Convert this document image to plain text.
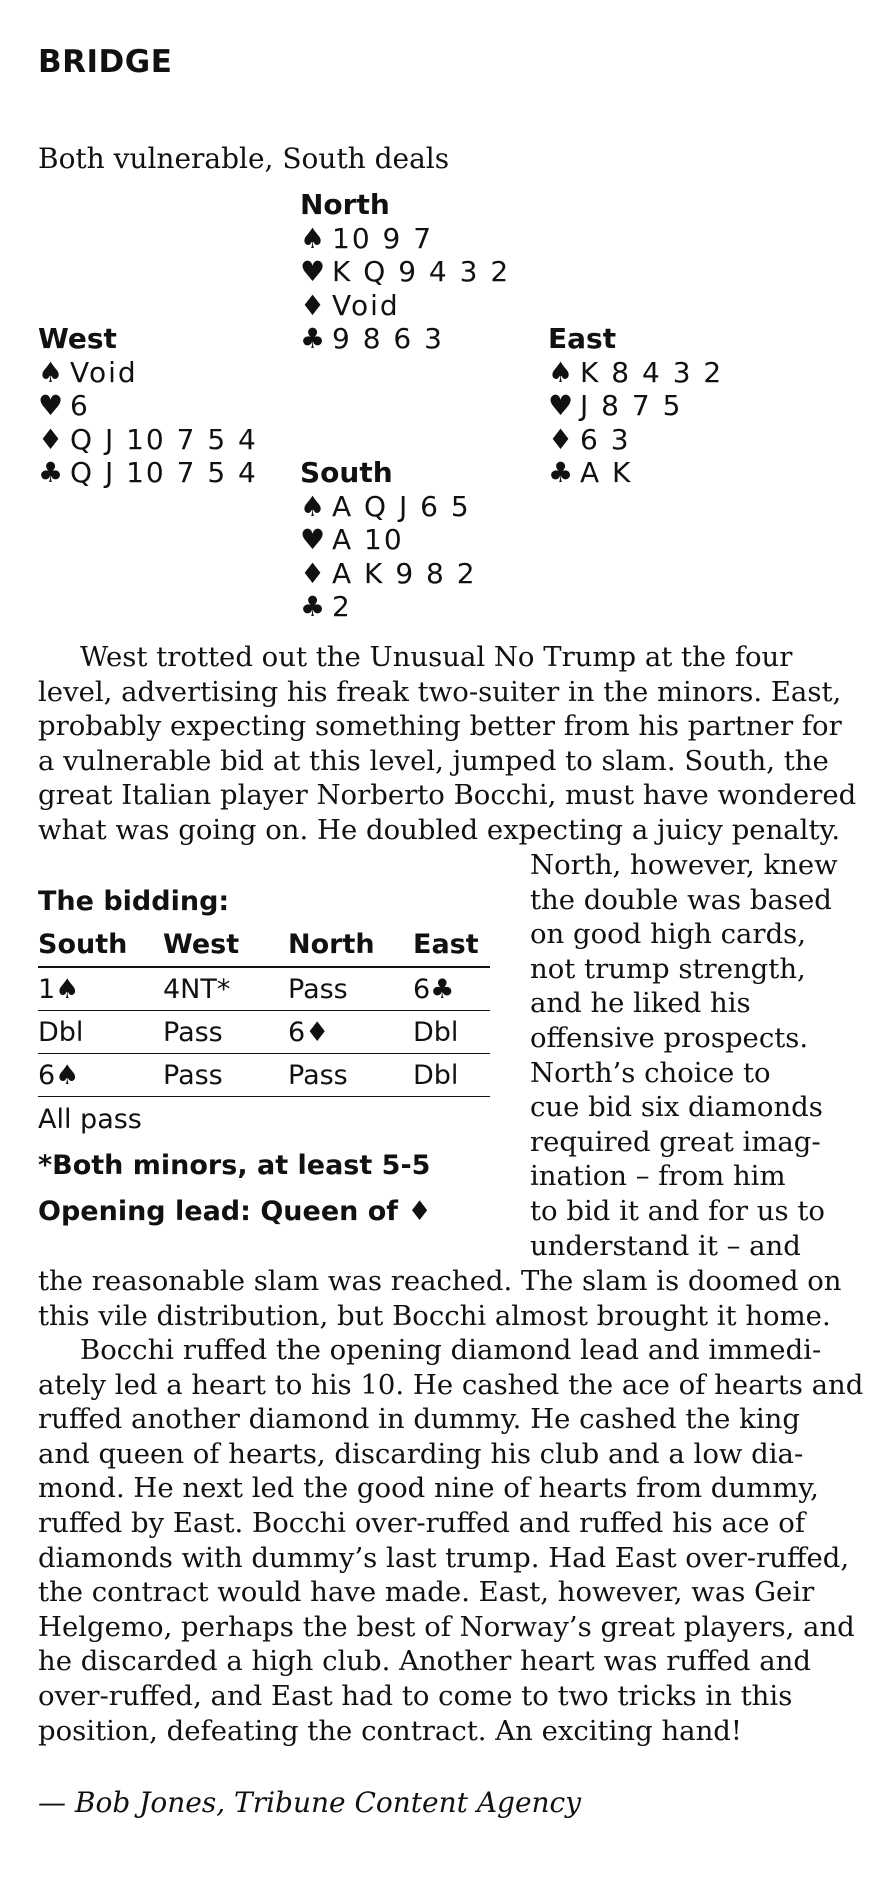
BRIDGE
Both vulnerable, South deals
North
♠ 10 9 7
♥ K Q 9 4 3 2
♦ Void
♣ 9 8 6 3
West
♠ Void
♥ 6
♦ Q J 10 7 5 4
♣ Q J 10 7 5 4
East
♠ K 8 4 3 2
♥ J 8 7 5
♦ 6 3
♣ A K
South
♠ A Q J 6 5
♥ A 10
♦ A K 9 8 2
♣ 2
West trotted out the Unusual No Trump at the four
level, advertising his freak two-suiter in the minors. East,
probably expecting something better from his partner for
a vulnerable bid at this level, jumped to slam. South, the
great Italian player Norberto Bocchi, must have wondered
what was going on. He doubled expecting a juicy penalty.
North, however, knew
the double was based
on good high cards,
not trump strength,
and he liked his
offensive prospects.
North’s choice to
cue bid six diamonds
required great imag-
ination – from him
to bid it and for us to
understand it – and
The bidding:
South	West	North	East
1♠	4NT*	Pass	6♣
Dbl	Pass	6♦	Dbl
6♠	Pass	Pass	Dbl
All pass
*Both minors, at least 5-5
Opening lead: Queen of ♦
the reasonable slam was reached. The slam is doomed on
this vile distribution, but Bocchi almost brought it home.
Bocchi ruffed the opening diamond lead and immedi-
ately led a heart to his 10. He cashed the ace of hearts and
ruffed another diamond in dummy. He cashed the king
and queen of hearts, discarding his club and a low dia-
mond. He next led the good nine of hearts from dummy,
ruffed by East. Bocchi over-ruffed and ruffed his ace of
diamonds with dummy’s last trump. Had East over-ruffed,
the contract would have made. East, however, was Geir
Helgemo, perhaps the best of Norway’s great players, and
he discarded a high club. Another heart was ruffed and
over-ruffed, and East had to come to two tricks in this
position, defeating the contract. An exciting hand!
— Bob Jones, Tribune Content Agency
